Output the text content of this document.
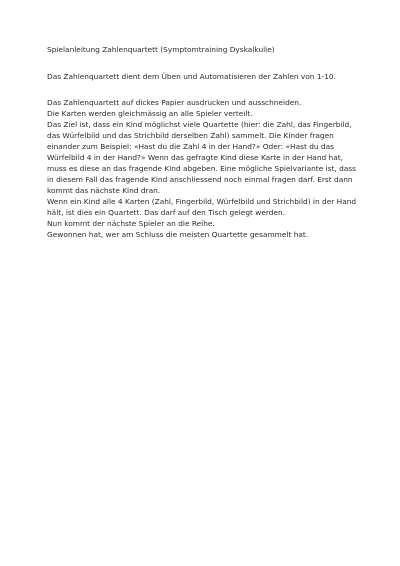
Spielanleitung Zahlenquartett (Symptomtraining Dyskalkulie)

Das Zahlenquartett dient dem Üben und Automatisieren der Zahlen von 1-10.

Das Zahlenquartett auf dickes Papier ausdrucken und ausschneiden.

Die Karten werden gleichmässig an alle Spieler verteilt.

Das Ziel ist, dass ein Kind möglichst viele Quartette (hier: die Zahl, das Fingerbild, das Würfelbild und das Strichbild derselben Zahl) sammelt. Die Kinder fragen einander zum Beispiel: «Hast du die Zahl 4 in der Hand?» Oder: «Hast du das Würfelbild 4 in der Hand?» Wenn das gefragte Kind diese Karte in der Hand hat, muss es diese an das fragende Kind abgeben. Eine mögliche Spielvariante ist, dass in diesem Fall das fragende Kind anschliessend noch einmal fragen darf. Erst dann kommt das nächste Kind dran.

Wenn ein Kind alle 4 Karten (Zahl, Fingerbild, Würfelbild und Strichbild) in der Hand hält, ist dies ein Quartett. Das darf auf den Tisch gelegt werden.

Nun kommt der nächste Spieler an die Reihe.

Gewonnen hat, wer am Schluss die meisten Quartette gesammelt hat.
